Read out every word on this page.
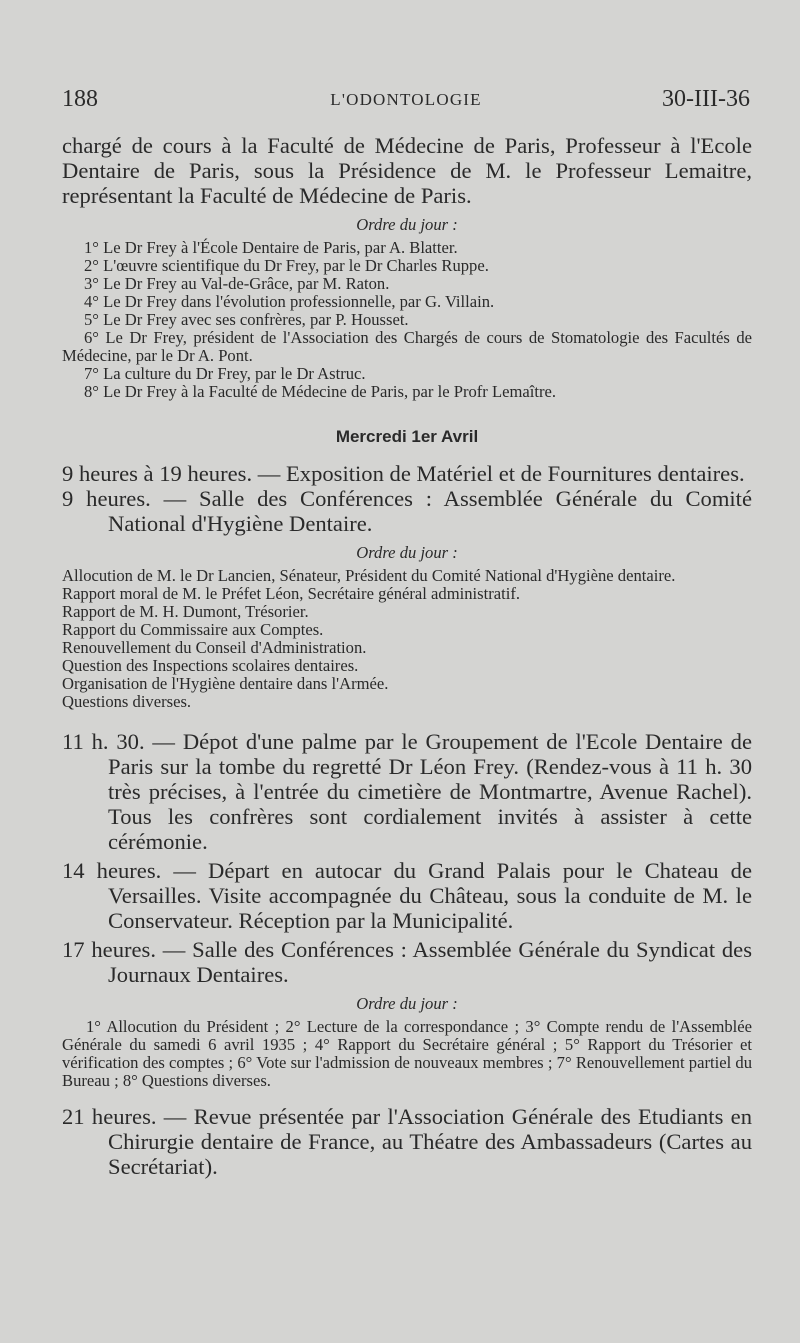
188	L'ODONTOLOGIE	30-III-36

chargé de cours à la Faculté de Médecine de Paris, Professeur à l'Ecole Dentaire de Paris, sous la Présidence de M. le Professeur Lemaitre, représentant la Faculté de Médecine de Paris.

Ordre du jour :

1° Le Dr Frey à l'École Dentaire de Paris, par A. Blatter.

2° L'œuvre scientifique du Dr Frey, par le Dr Charles Ruppe.

3° Le Dr Frey au Val-de-Grâce, par M. Raton.

4° Le Dr Frey dans l'évolution professionnelle, par G. Villain.

5° Le Dr Frey avec ses confrères, par P. Housset.

6° Le Dr Frey, président de l'Association des Chargés de cours de Stomatologie des Facultés de Médecine, par le Dr A. Pont.

7° La culture du Dr Frey, par le Dr Astruc.

8° Le Dr Frey à la Faculté de Médecine de Paris, par le Profr Lemaître.

Mercredi 1er Avril

9 heures à 19 heures. — Exposition de Matériel et de Fournitures dentaires.

9 heures. — Salle des Conférences : Assemblée Générale du Comité National d'Hygiène Dentaire.

Ordre du jour :

Allocution de M. le Dr Lancien, Sénateur, Président du Comité National d'Hygiène dentaire.

Rapport moral de M. le Préfet Léon, Secrétaire général administratif.

Rapport de M. H. Dumont, Trésorier.

Rapport du Commissaire aux Comptes.

Renouvellement du Conseil d'Administration.

Question des Inspections scolaires dentaires.

Organisation de l'Hygiène dentaire dans l'Armée.

Questions diverses.

11 h. 30. — Dépot d'une palme par le Groupement de l'Ecole Dentaire de Paris sur la tombe du regretté Dr Léon Frey. (Rendez-vous à 11 h. 30 très précises, à l'entrée du cimetière de Montmartre, Avenue Rachel). Tous les confrères sont cordialement invités à assister à cette cérémonie.

14 heures. — Départ en autocar du Grand Palais pour le Chateau de Versailles. Visite accompagnée du Château, sous la conduite de M. le Conservateur. Réception par la Municipalité.

17 heures. — Salle des Conférences : Assemblée Générale du Syndicat des Journaux Dentaires.

Ordre du jour :

1° Allocution du Président ; 2° Lecture de la correspondance ; 3° Compte rendu de l'Assemblée Générale du samedi 6 avril 1935 ; 4° Rapport du Secrétaire général ; 5° Rapport du Trésorier et vérification des comptes ; 6° Vote sur l'admission de nouveaux membres ; 7° Renouvellement partiel du Bureau ; 8° Questions diverses.

21 heures. — Revue présentée par l'Association Générale des Etudiants en Chirurgie dentaire de France, au Théatre des Ambassadeurs (Cartes au Secrétariat).
